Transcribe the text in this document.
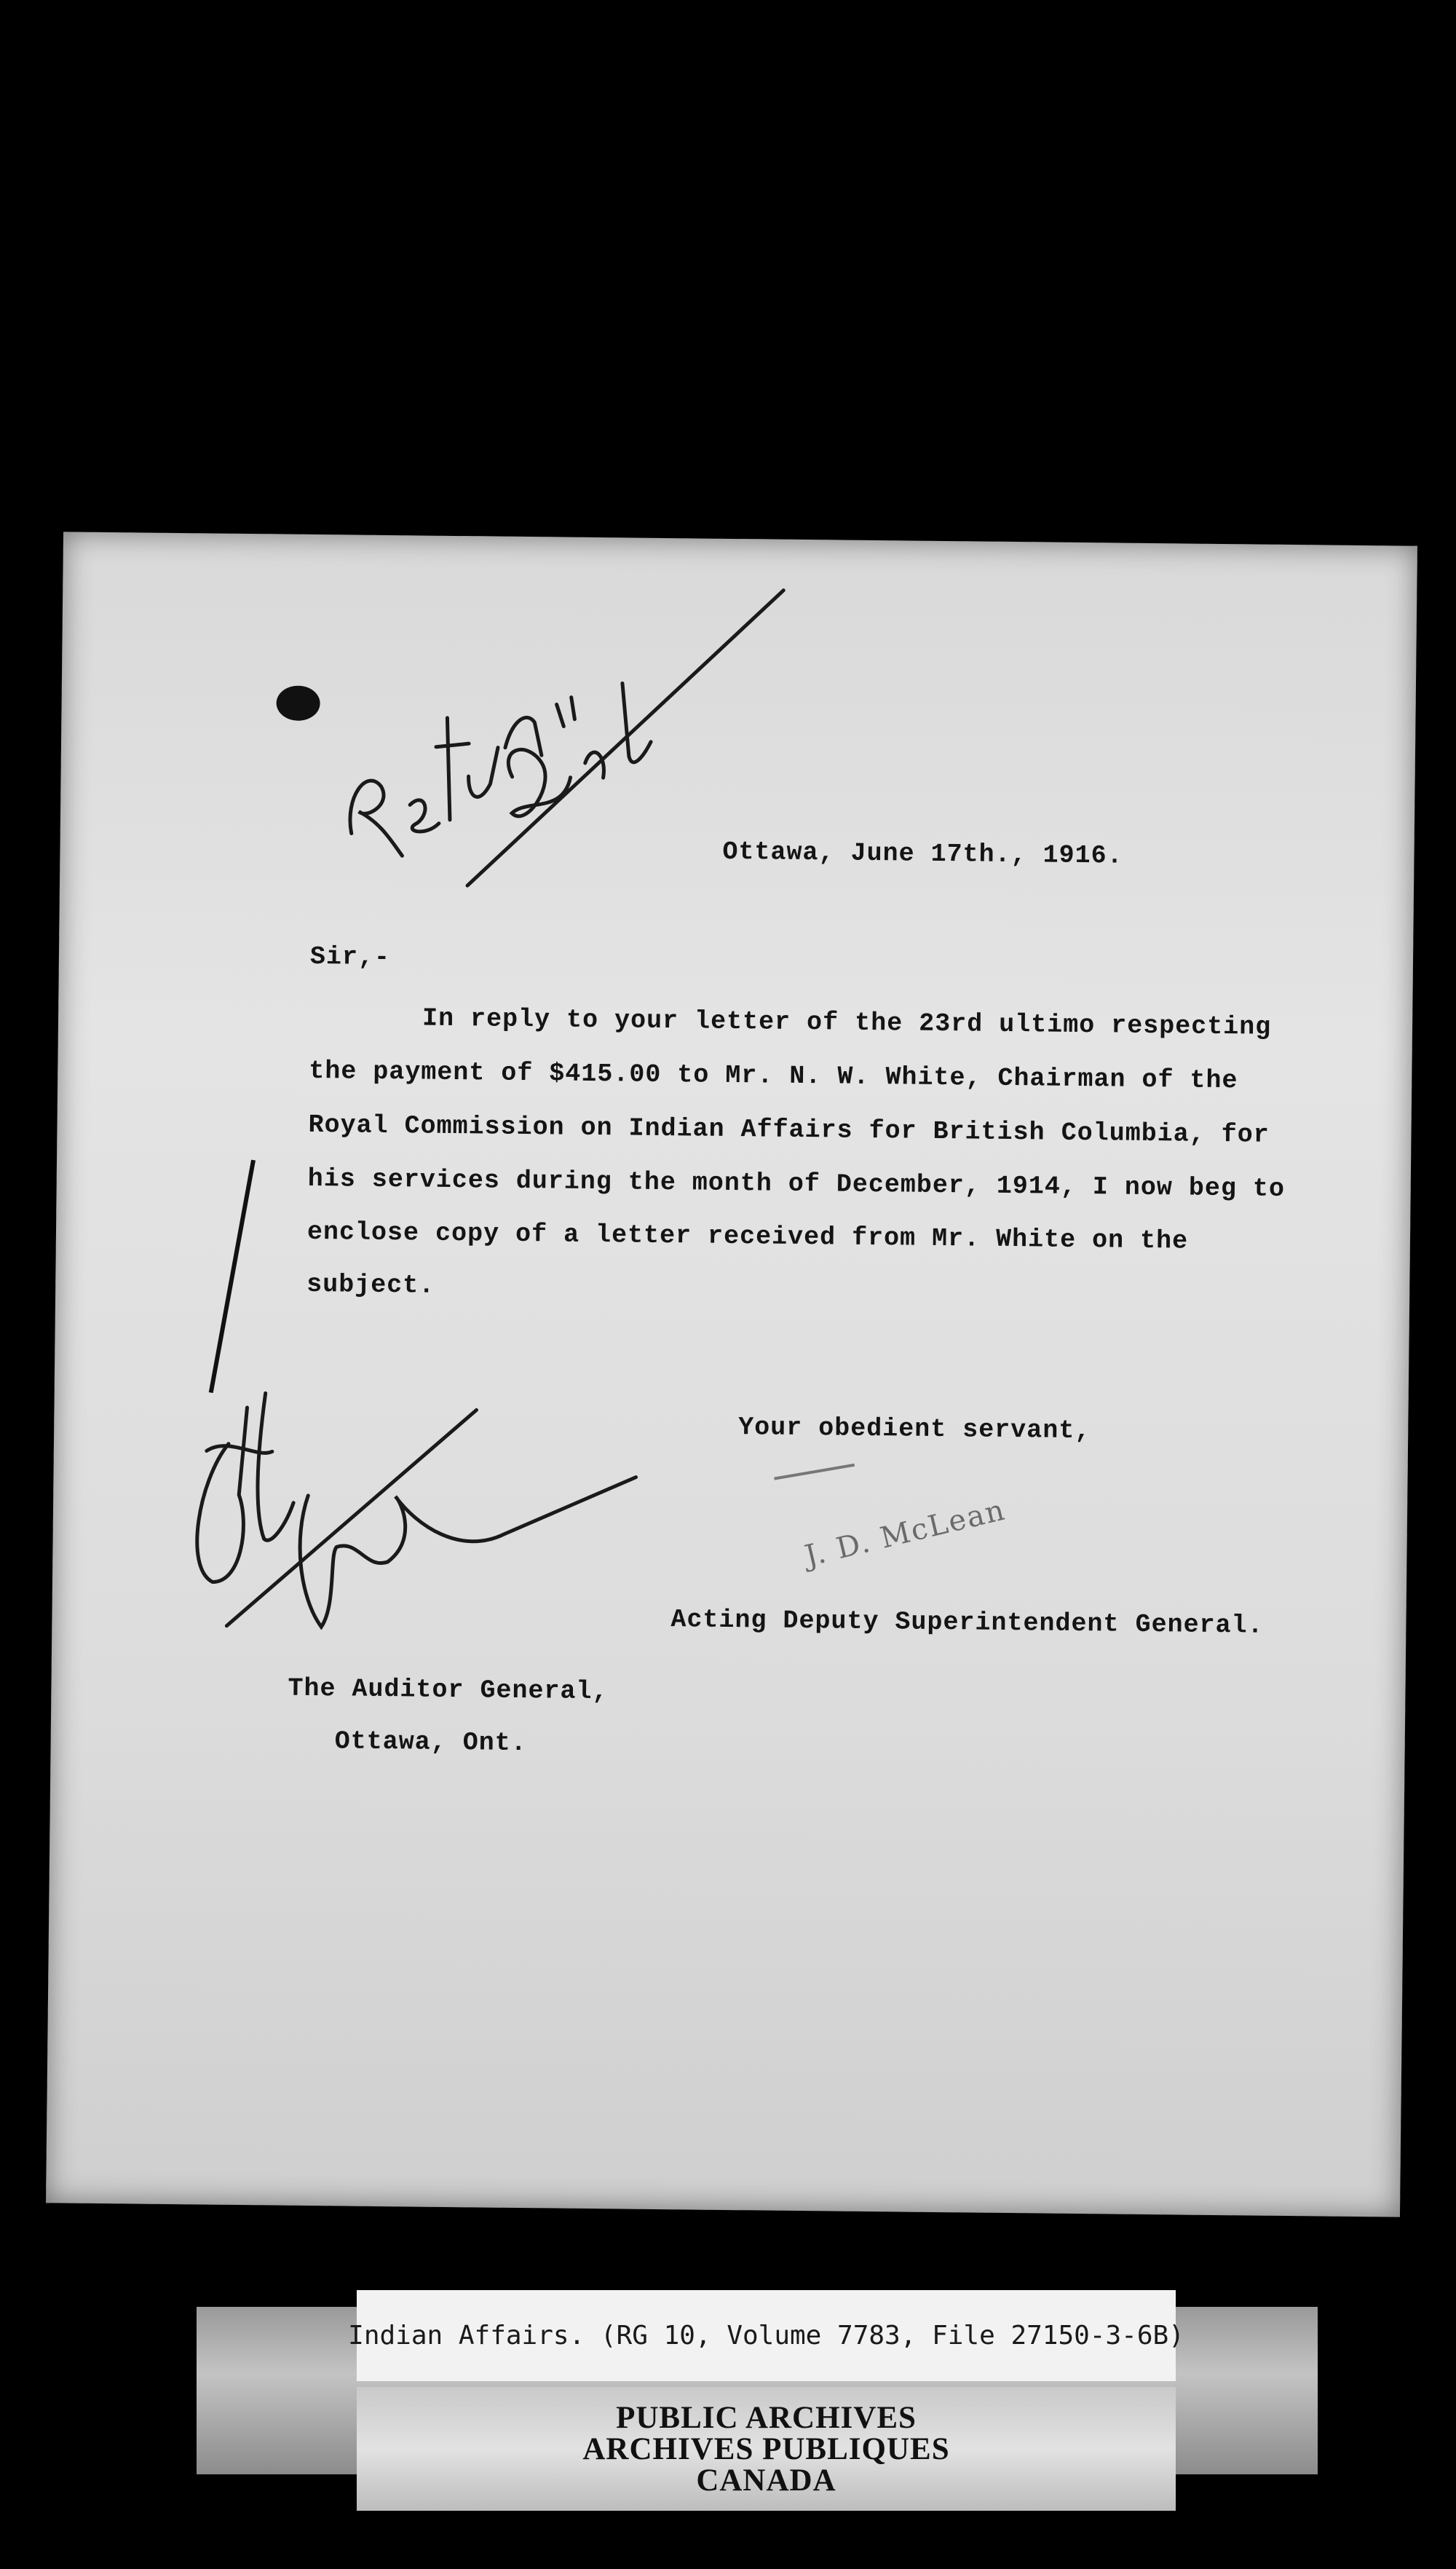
Ottawa, June 17th., 1916.
Sir,-
In reply to your letter of the 23rd ultimo respecting
the payment of $415.00 to Mr. N. W. White, Chairman of the
Royal Commission on Indian Affairs for British Columbia, for
his services during the month of December, 1914, I now beg to
enclose copy of a letter received from Mr. White on the
subject.
Your obedient servant,
J. D. McLean
Acting Deputy Superintendent General.
The Auditor General,
Ottawa, Ont.
Indian Affairs. (RG 10, Volume 7783, File 27150-3-6B)
PUBLIC ARCHIVES
ARCHIVES PUBLIQUES
CANADA
